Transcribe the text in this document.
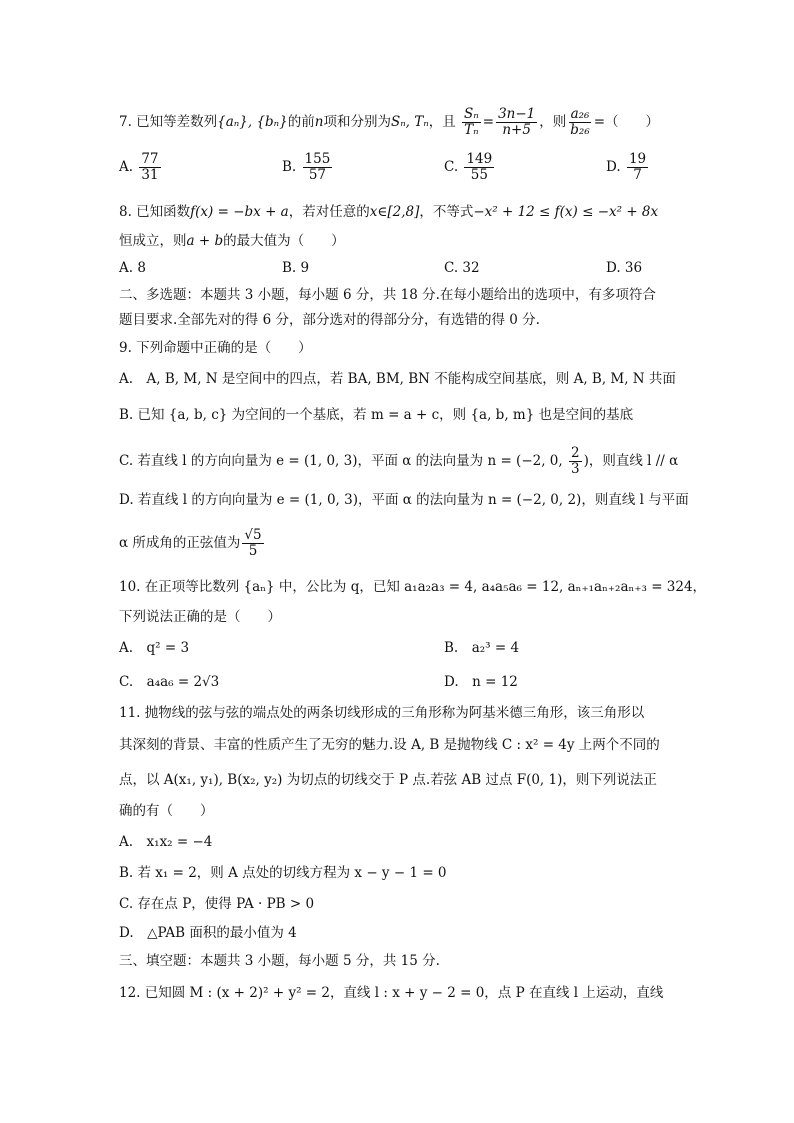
7. 已知等差数列{aₙ}, {bₙ}的前n项和分别为Sₙ, Tₙ，且 $\frac{\text{Sₙ}}{\text{Tₙ}} = \frac{3n-1}{n+5}$ ，则 $\frac{\text{a₂₆}}{\text{b₂₆}}$ =（　　）
A. $\frac{77}{31}$	B. $\frac{155}{57}$	C. $\frac{149}{55}$	D. $\frac{19}{7}$
8. 已知函数f(x) = −bx + a，若对任意的x∈[2,8]，不等式−x² + 12 ≤ f(x) ≤ −x² + 8x
恒成立，则a + b的最大值为（　　）
A. 8	B. 9	C. 32	D. 36
二、多选题：本题共 3 小题，每小题 6 分，共 18 分.在每小题给出的选项中，有多项符合
题目要求.全部先对的得 6 分，部分选对的得部分分，有选错的得 0 分.
9. 下列命题中正确的是（　　）
A.　A, B, M, N 是空间中的四点，若 BA, BM, BN 不能构成空间基底，则 A, B, M, N 共面
B. 已知 {a, b, c} 为空间的一个基底，若 m = a + c，则 {a, b, m} 也是空间的基底
C. 若直线 l 的方向向量为 e = (1, 0, 3)，平面 α 的法向量为 n = (−2, 0, $\frac{2}{3}$ )，则直线 l // α
D. 若直线 l 的方向向量为 e = (1, 0, 3)，平面 α 的法向量为 n = (−2, 0, 2)，则直线 l 与平面
α 所成角的正弦值为 $\frac{√5}{5}$
10. 在正项等比数列 {aₙ} 中，公比为 q，已知 a₁a₂a₃ = 4, a₄a₅a₆ = 12, aₙ₊₁aₙ₊₂aₙ₊₃ = 324，
下列说法正确的是（　　）
A.　q² = 3	B.　a₂³ = 4
C.　a₄a₆ = 2√3	D.　n = 12
11. 抛物线的弦与弦的端点处的两条切线形成的三角形称为阿基米德三角形，该三角形以
其深刻的背景、丰富的性质产生了无穷的魅力.设 A, B 是抛物线 C : x² = 4y 上两个不同的
点，以 A(x₁, y₁), B(x₂, y₂) 为切点的切线交于 P 点.若弦 AB 过点 F(0, 1)，则下列说法正
确的有（　　）
A.　x₁x₂ = −4
B. 若 x₁ = 2，则 A 点处的切线方程为 x − y − 1 = 0
C. 存在点 P，使得 PA · PB > 0
D.　△PAB 面积的最小值为 4
三、填空题：本题共 3 小题，每小题 5 分，共 15 分.
12. 已知圆 M : (x + 2)² + y² = 2，直线 l : x + y − 2 = 0，点 P 在直线 l 上运动，直线
